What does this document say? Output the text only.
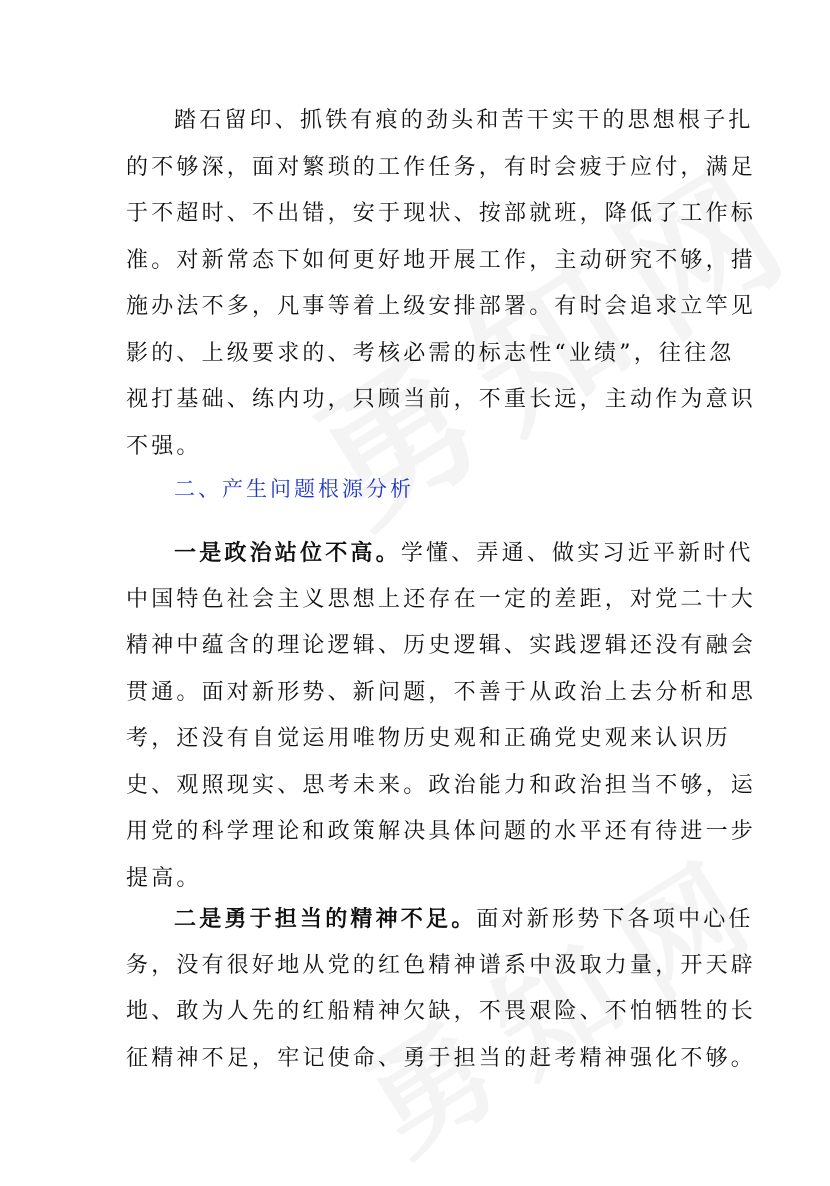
踏石留印、抓铁有痕的劲头和苦干实干的思想根子扎
的不够深，面对繁琐的工作任务，有时会疲于应付，满足
于不超时、不出错，安于现状、按部就班，降低了工作标
准。对新常态下如何更好地开展工作，主动研究不够，措
施办法不多，凡事等着上级安排部署。有时会追求立竿见
影的、上级要求的、考核必需的标志性“业绩”，往往忽
视打基础、练内功，只顾当前，不重长远，主动作为意识
不强。
二、产生问题根源分析
一是政治站位不高。学懂、弄通、做实习近平新时代
中国特色社会主义思想上还存在一定的差距，对党二十大
精神中蕴含的理论逻辑、历史逻辑、实践逻辑还没有融会
贯通。面对新形势、新问题，不善于从政治上去分析和思
考，还没有自觉运用唯物历史观和正确党史观来认识历
史、观照现实、思考未来。政治能力和政治担当不够，运
用党的科学理论和政策解决具体问题的水平还有待进一步
提高。
二是勇于担当的精神不足。面对新形势下各项中心任
务，没有很好地从党的红色精神谱系中汲取力量，开天辟
地、敢为人先的红船精神欠缺，不畏艰险、不怕牺牲的长
征精神不足，牢记使命、勇于担当的赶考精神强化不够。
